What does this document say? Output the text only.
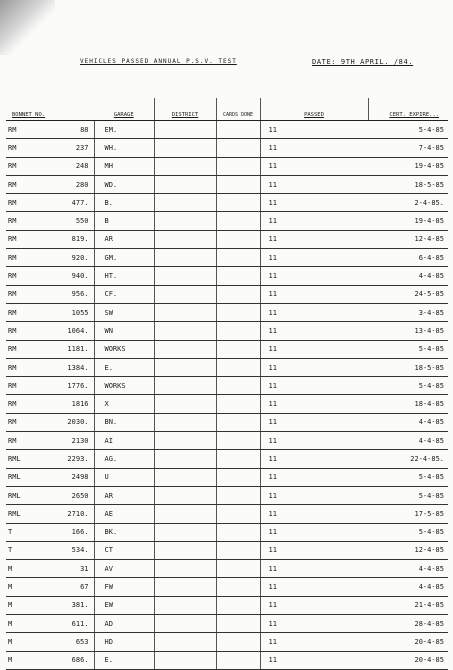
VEHICLES PASSED ANNUAL P.S.V. TEST	DATE: 9TH APRIL. /84.
BONNET NO.		GARAGE	DISTRICT	CARDS DONE	PASSED	CERT. EXPIRE...
RM	88	EM.			11	5-4-85
RM	237	WH.			11	7-4-85
RM	248	MH			11	19-4-85
RM	280	WD.			11	18-5-85
RM	477.	B.			11	2-4-85.
RM	550	B			11	19-4-85
RM	819.	AR			11	12-4-85
RM	920.	GM.			11	6-4-85
RM	940.	HT.			11	4-4-85
RM	956.	CF.			11	24-5-85
RM	1055	SW			11	3-4-85
RM	1064.	WN			11	13-4-85
RM	1181.	WORKS			11	5-4-85
RM	1384.	E.			11	18-5-85
RM	1776.	WORKS			11	5-4-85
RM	1816	X			11	18-4-85
RM	2030.	BN.			11	4-4-85
RM	2130	AI			11	4-4-85
RML	2293.	AG.			11	22-4-85.
RML	2498	U			11	5-4-85
RML	2650	AR			11	5-4-85
RML	2710.	AE			11	17-5-85
T	166.	BK.			11	5-4-85
T	534.	CT			11	12-4-85
M	31	AV			11	4-4-85
M	67	FW			11	4-4-85
M	381.	EW			11	21-4-85
M	611.	AD			11	28-4-85
M	653	HD			11	20-4-85
M	686.	E.			11	20-4-85
